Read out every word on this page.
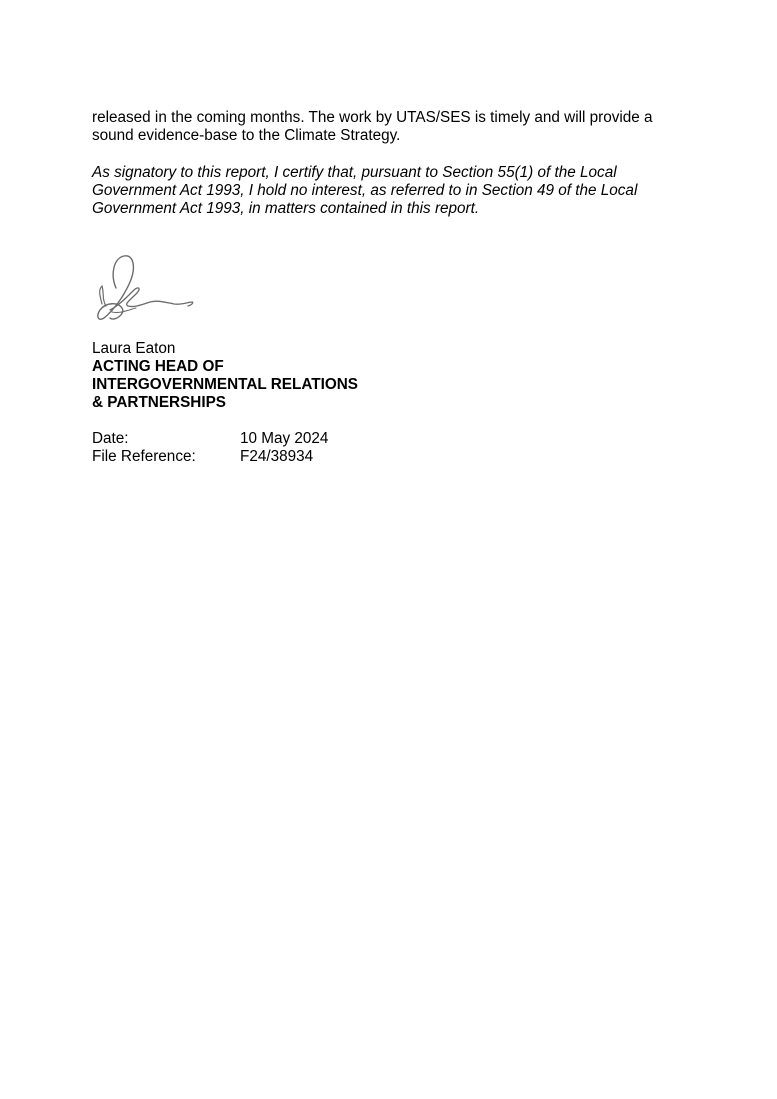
released in the coming months. The work by UTAS/SES is timely and will provide a
sound evidence-base to the Climate Strategy.

As signatory to this report, I certify that, pursuant to Section 55(1) of the Local
Government Act 1993, I hold no interest, as referred to in Section 49 of the Local
Government Act 1993, in matters contained in this report.

Laura Eaton
ACTING HEAD OF
INTERGOVERNMENTAL RELATIONS
& PARTNERSHIPS
Date:	10 May 2024
File Reference:	F24/38934
